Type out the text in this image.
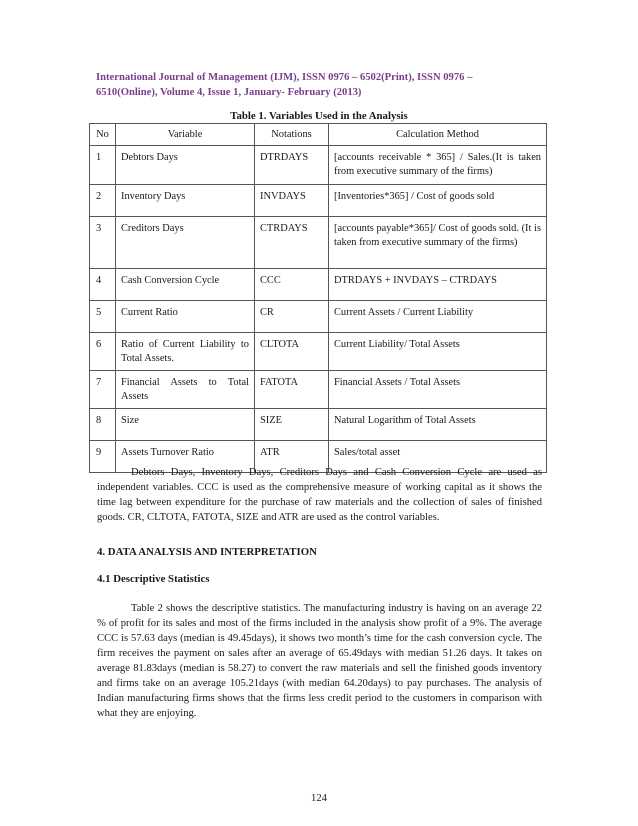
International Journal of Management (IJM), ISSN 0976 – 6502(Print), ISSN 0976 –
6510(Online), Volume 4, Issue 1, January- February (2013)
Table 1. Variables Used in the Analysis
No	Variable	Notations	Calculation Method
1	Debtors Days	DTRDAYS	[accounts receivable * 365] / Sales.(It is taken from executive summary of the firms)
2	Inventory Days	INVDAYS	[Inventories*365] / Cost of goods sold
3	Creditors Days	CTRDAYS	[accounts payable*365]/ Cost of goods sold. (It is taken from executive summary of the firms)
4	Cash Conversion Cycle	CCC	DTRDAYS + INVDAYS – CTRDAYS
5	Current Ratio	CR	Current Assets / Current Liability
6	Ratio of Current Liability to Total Assets.	CLTOTA	Current Liability/ Total Assets
7	Financial Assets to Total Assets	FATOTA	Financial Assets / Total Assets
8	Size	SIZE	Natural Logarithm of Total Assets
9	Assets Turnover Ratio	ATR	Sales/total asset
Debtors Days, Inventory Days, Creditors Days and Cash Conversion Cycle are used as independent variables. CCC is used as the comprehensive measure of working capital as it shows the time lag between expenditure for the purchase of raw materials and the collection of sales of finished goods. CR, CLTOTA, FATOTA, SIZE and ATR are used as the control variables.
4. DATA ANALYSIS AND INTERPRETATION
4.1 Descriptive Statistics
Table 2 shows the descriptive statistics. The manufacturing industry is having on an average 22 % of profit for its sales and most of the firms included in the analysis show profit of a 9%. The average CCC is 57.63 days (median is 49.45days), it shows two month’s time for the cash conversion cycle. The firm receives the payment on sales after an average of 65.49days with median 51.26 days. It takes on average 81.83days (median is 58.27) to convert the raw materials and sell the finished goods inventory and firms take on an average 105.21days (with median 64.20days) to pay purchases. The analysis of Indian manufacturing firms shows that the firms less credit period to the customers in comparison with what they are enjoying.
124
